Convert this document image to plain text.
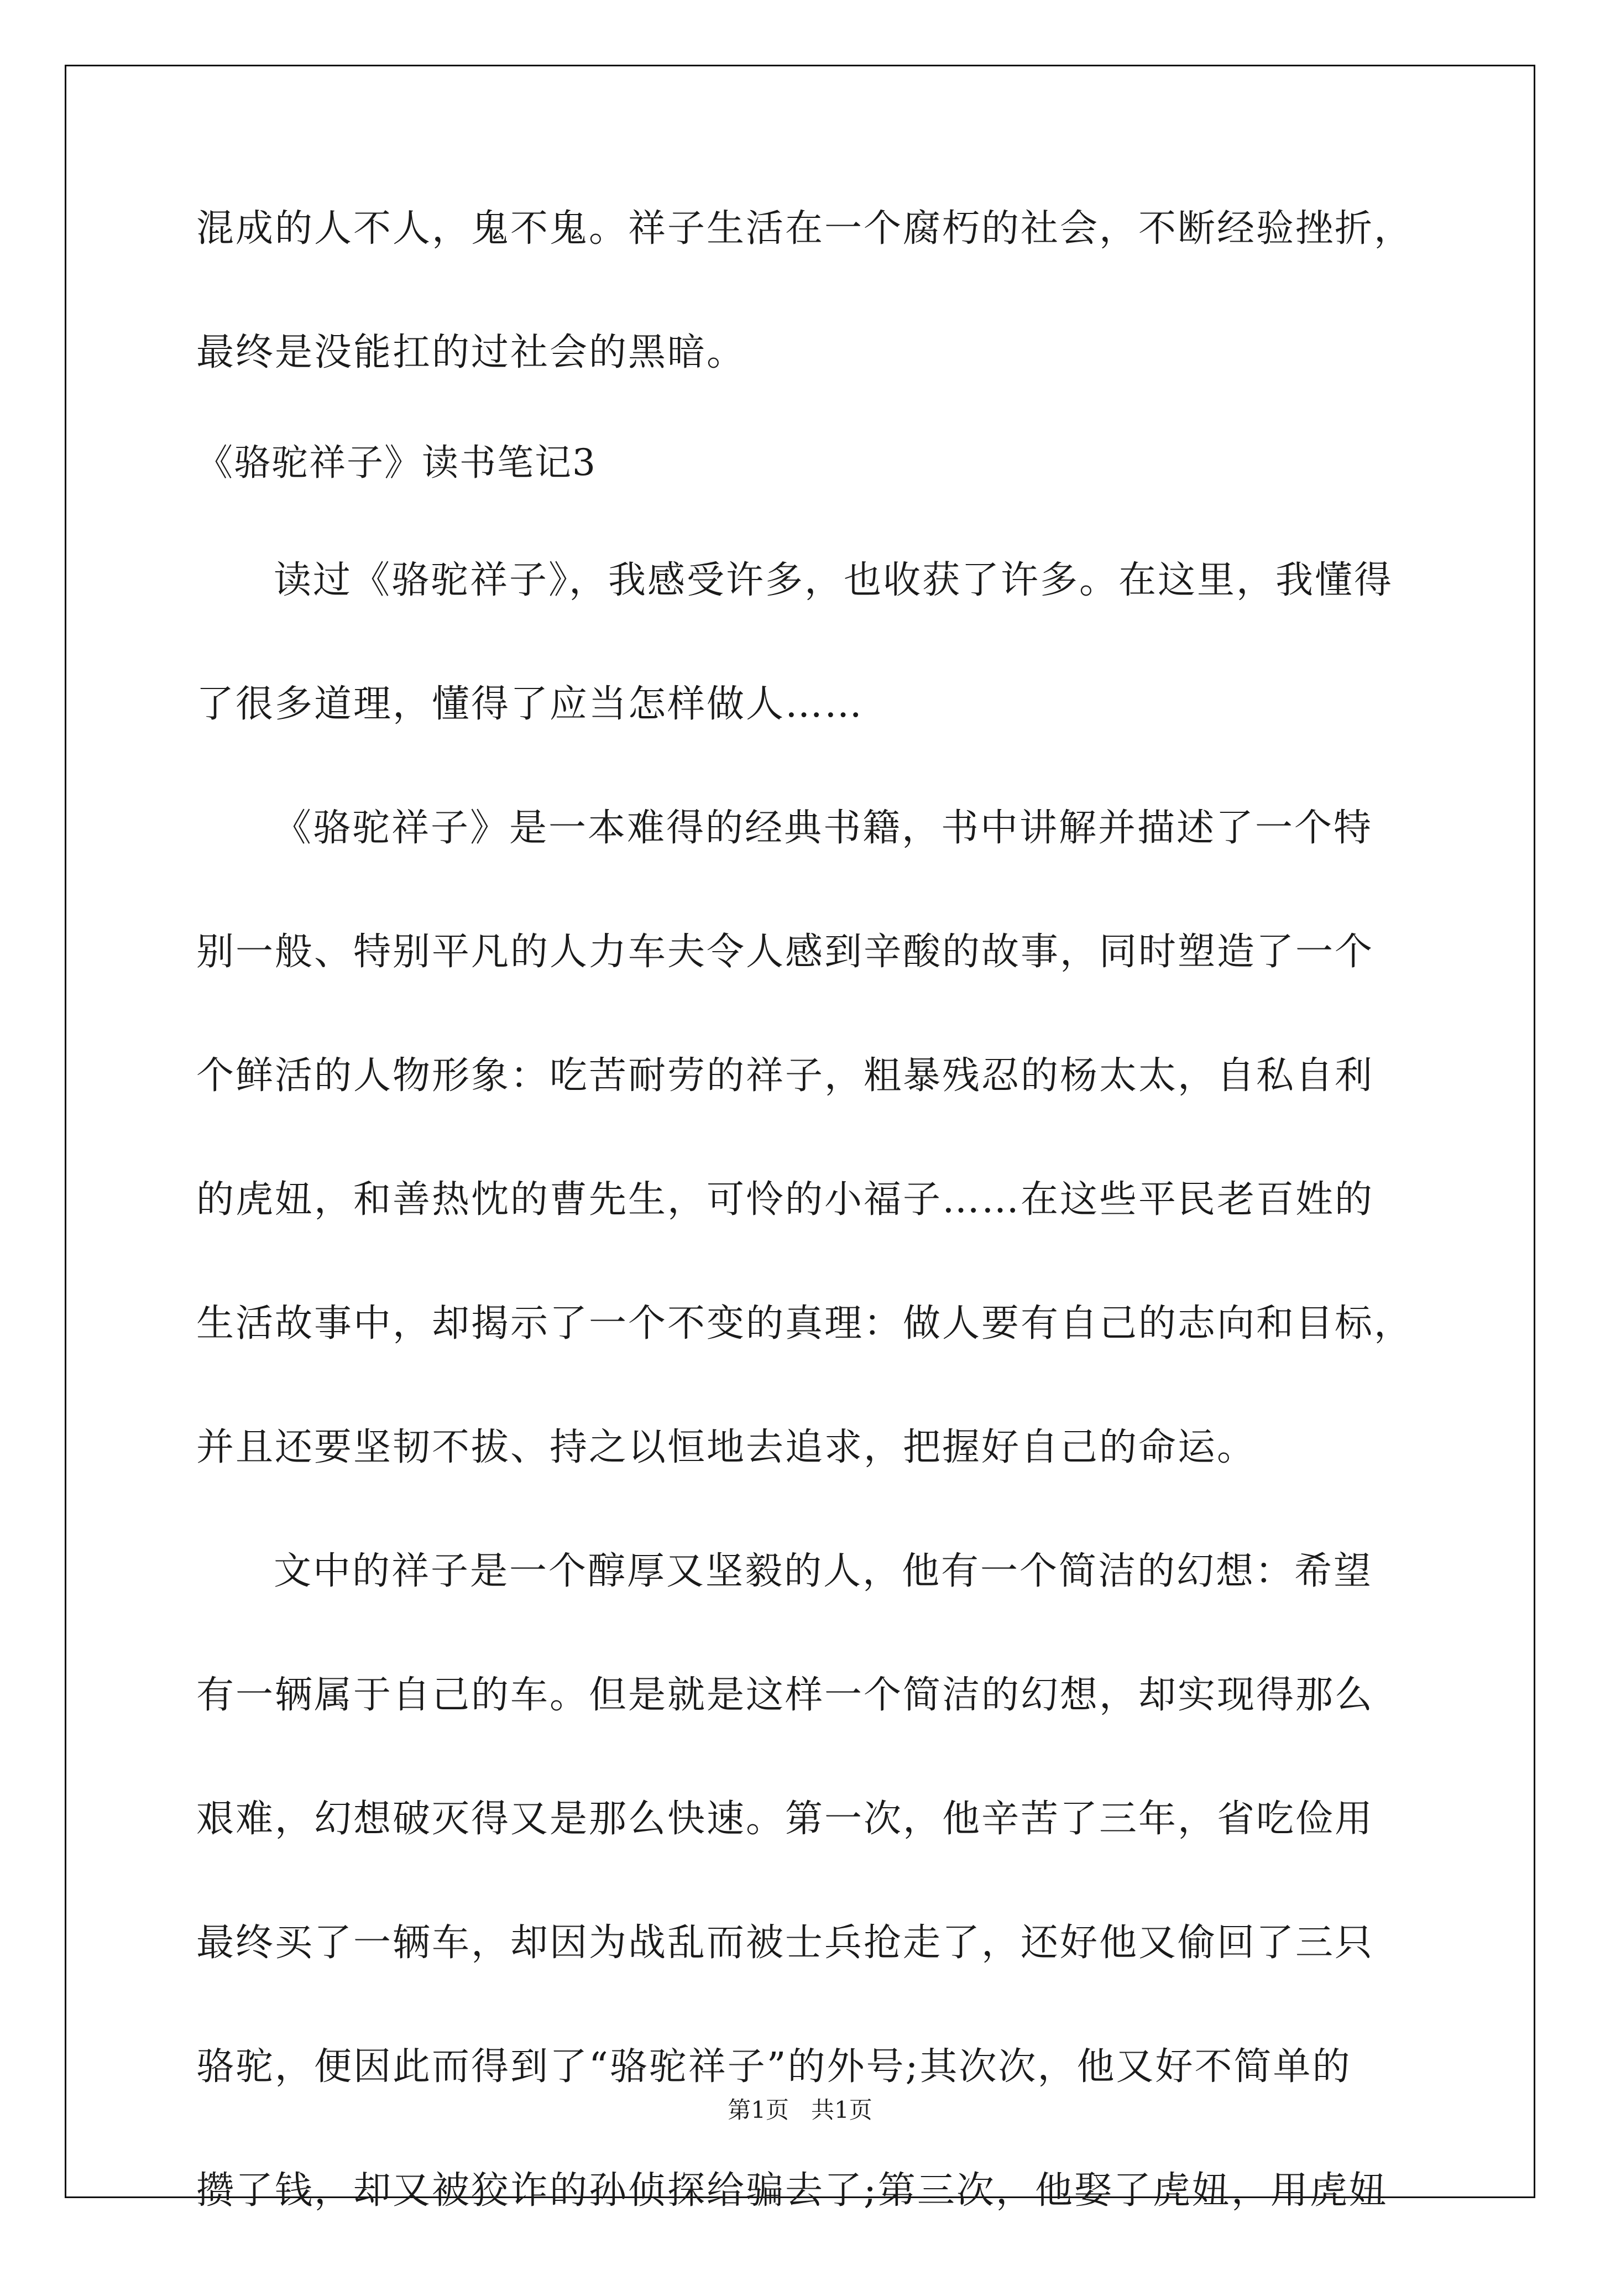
混成的人不人，鬼不鬼。祥子生活在一个腐朽的社会，不断经验挫折，
最终是没能扛的过社会的黑暗。
《骆驼祥子》读书笔记3
读过《骆驼祥子》，我感受许多，也收获了许多。在这里，我懂得
了很多道理，懂得了应当怎样做人……
《骆驼祥子》是一本难得的经典书籍，书中讲解并描述了一个特
别一般、特别平凡的人力车夫令人感到辛酸的故事，同时塑造了一个
个鲜活的人物形象：吃苦耐劳的祥子，粗暴残忍的杨太太，自私自利
的虎妞，和善热忱的曹先生，可怜的小福子……在这些平民老百姓的
生活故事中，却揭示了一个不变的真理：做人要有自己的志向和目标，
并且还要坚韧不拔、持之以恒地去追求，把握好自己的命运。
文中的祥子是一个醇厚又坚毅的人，他有一个简洁的幻想：希望
有一辆属于自己的车。但是就是这样一个简洁的幻想，却实现得那么
艰难，幻想破灭得又是那么快速。第一次，他辛苦了三年，省吃俭用
最终买了一辆车，却因为战乱而被士兵抢走了，还好他又偷回了三只
骆驼，便因此而得到了“骆驼祥子”的外号;其次次，他又好不简单的
攒了钱，却又被狡诈的孙侦探给骗去了;第三次，他娶了虎妞，用虎妞
第1页   共1页
